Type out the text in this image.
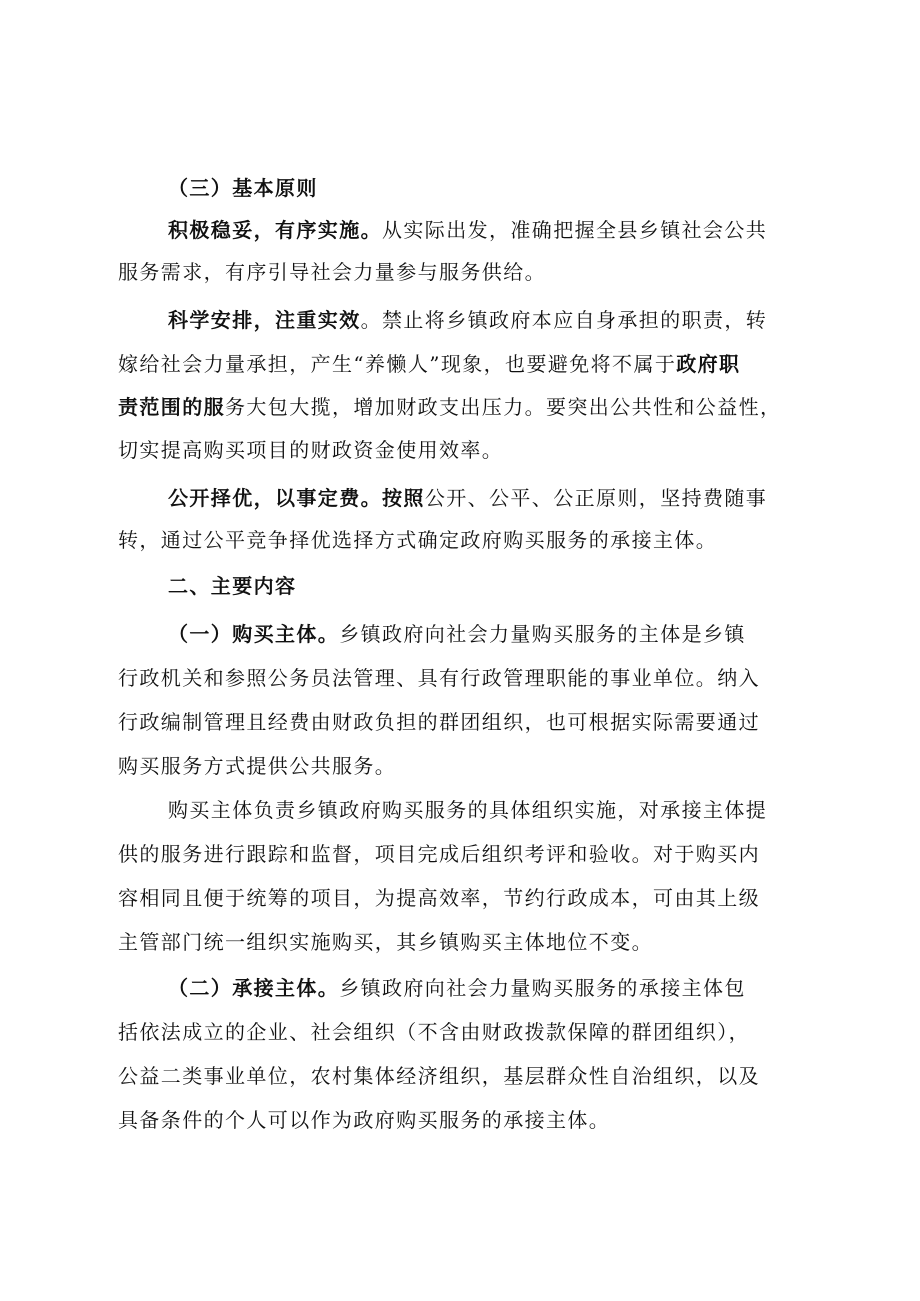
（三）基本原则
积极稳妥，有序实施。从实际出发，准确把握全县乡镇社会公共
服务需求，有序引导社会力量参与服务供给。
科学安排，注重实效。禁止将乡镇政府本应自身承担的职责，转
嫁给社会力量承担，产生“养懒人”现象，也要避免将不属于政府职
责范围的服务大包大揽，增加财政支出压力。要突出公共性和公益性，
切实提高购买项目的财政资金使用效率。
公开择优，以事定费。按照公开、公平、公正原则，坚持费随事
转，通过公平竞争择优选择方式确定政府购买服务的承接主体。
二、主要内容
（一）购买主体。乡镇政府向社会力量购买服务的主体是乡镇
行政机关和参照公务员法管理、具有行政管理职能的事业单位。纳入
行政编制管理且经费由财政负担的群团组织，也可根据实际需要通过
购买服务方式提供公共服务。
购买主体负责乡镇政府购买服务的具体组织实施，对承接主体提
供的服务进行跟踪和监督，项目完成后组织考评和验收。对于购买内
容相同且便于统筹的项目，为提高效率，节约行政成本，可由其上级
主管部门统一组织实施购买，其乡镇购买主体地位不变。
（二）承接主体。乡镇政府向社会力量购买服务的承接主体包
括依法成立的企业、社会组织（不含由财政拨款保障的群团组织），
公益二类事业单位，农村集体经济组织，基层群众性自治组织，以及
具备条件的个人可以作为政府购买服务的承接主体。
